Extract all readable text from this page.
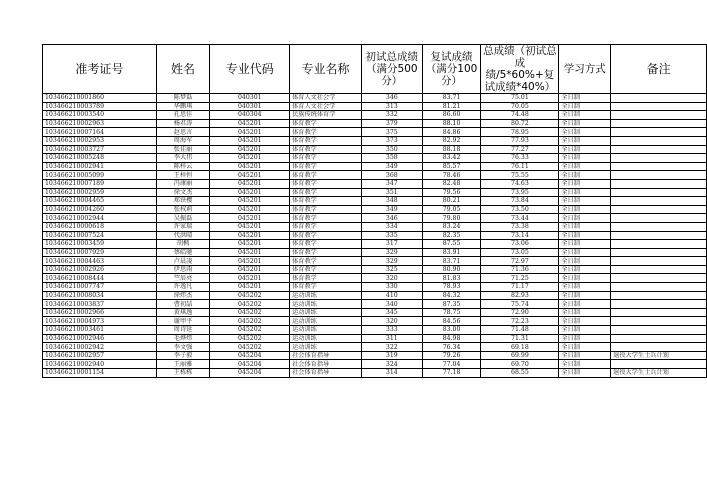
准考证号	姓名	专业代码	专业名称	初试总成绩（满分500分）	复试成绩（满分100分）	总成绩（初试总成绩/5*60%+复试成绩*40%）	学习方式	备注
103466210001860	陈梦磊	040301	体育人文社会学	346	83.71	75.01	全日制	
103466210003789	华鹏琪	040301	体育人文社会学	313	81.21	70.05	全日制	
103466210003540	孔思佳	040304	民族传统体育学	332	86.60	74.48	全日制	
103466210002963	杨君涛	045201	体育教学	379	88.10	80.72	全日制	
103466210007164	赵思言	045201	体育教学	375	84.86	78.95	全日制	
103466210002953	周海军	045201	体育教学	373	82.92	77.93	全日制	
103466210003727	张佳丽	045201	体育教学	350	88.18	77.27	全日制	
103466210005248	李大伟	045201	体育教学	358	83.42	76.33	全日制	
103466210002941	陈梓云	045201	体育教学	349	85.57	76.11	全日制	
103466210005099	王梓恒	045201	体育教学	368	78.46	75.55	全日制	
103466210007189	冯康丽	045201	体育教学	347	82.48	74.63	全日制	
103466210002959	徐文杰	045201	体育教学	351	79.56	73.95	全日制	
103466210004465	郑铁樱	045201	体育教学	348	80.21	73.84	全日制	
103466210004260	张权莉	045201	体育教学	349	79.05	73.50	全日制	
103466210002944	吴振磊	045201	体育教学	346	79.80	73.44	全日制	
103466210000618	许家瑞	045201	体育教学	334	83.24	73.38	全日制	
103466210007524	代洪晴	045201	体育教学	335	82.35	73.14	全日制	
103466210003459	胡枫	045201	体育教学	317	87.55	73.06	全日制	
103466210007929	蔡皓驰	045201	体育教学	329	83.91	73.05	全日制	
103466210004463	卢晨凌	045201	体育教学	329	83.71	72.97	全日制	
103466210002926	伊思雨	045201	体育教学	325	80.90	71.36	全日制	
103466210008444	竺辰亮	045201	体育教学	320	81.83	71.25	全日制	
103466210007747	许逸凡	045201	体育教学	330	78.93	71.17	全日制	
103466210008034	徐炜杰	045202	运动训练	410	84.32	82.93	全日制	
103466210003837	曹初喆	045202	运动训练	340	87.35	75.74	全日制	
103466210002966	黄琪逸	045202	运动训练	345	78.75	72.90	全日制	
103466210004973	谢甲平	045202	运动训练	320	84.56	72.23	全日制	
103466210003461	周诗延	045202	运动训练	333	83.00	71.48	全日制	
103466210002946	毛烨炜	045202	运动训练	311	84.98	71.31	全日制	
103466210002942	李文强	045202	运动训练	322	76.34	69.18	全日制	
103466210002957	李子毅	045204	社会体育指导	319	79.26	69.99	全日制	退役大学生士兵计划
103466210002940	王丽雅	045204	社会体育指导	324	77.04	69.70	全日制	
103466210001154	王栋栋	045204	社会体育指导	314	77.18	68.55	全日制	退役大学生士兵计划
